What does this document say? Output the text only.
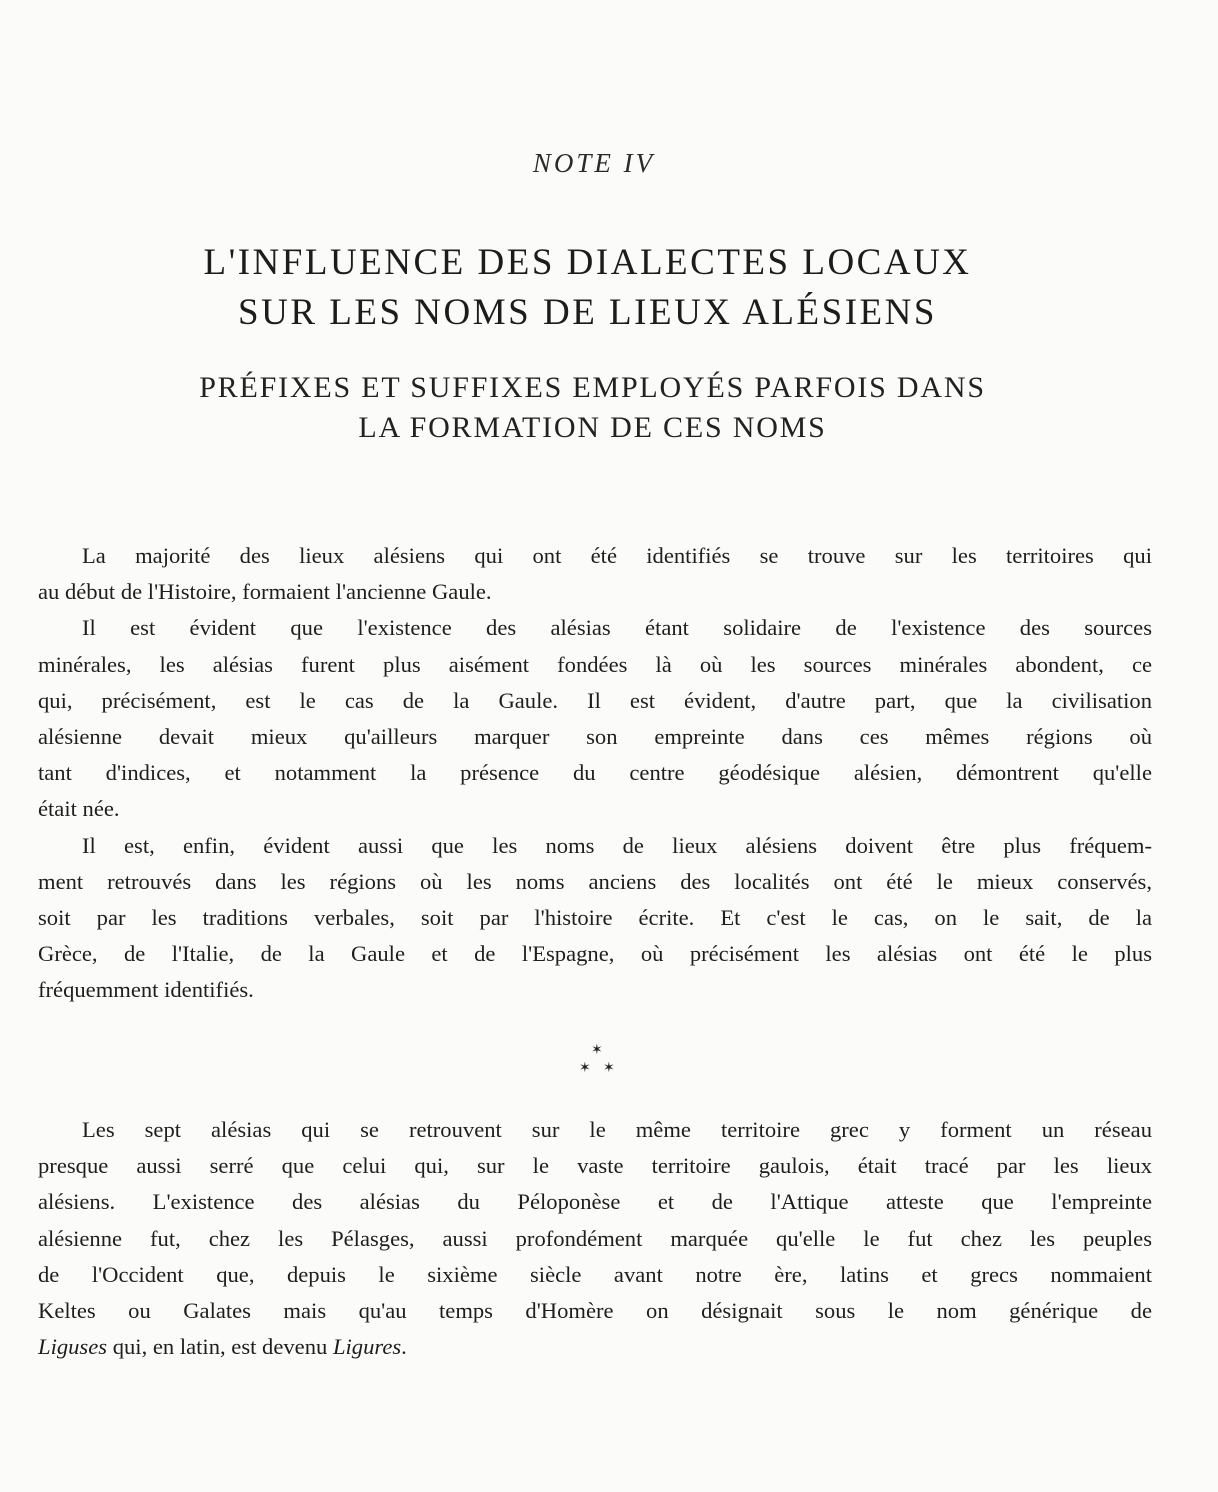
NOTE IV
L'INFLUENCE DES DIALECTES LOCAUX
SUR LES NOMS DE LIEUX ALÉSIENS
PRÉFIXES ET SUFFIXES EMPLOYÉS PARFOIS DANS
LA FORMATION DE CES NOMS
La majorité des lieux alésiens qui ont été identifiés se trouve sur les territoires qui
au début de l'Histoire, formaient l'ancienne Gaule.
Il est évident que l'existence des alésias étant solidaire de l'existence des sources
minérales, les alésias furent plus aisément fondées là où les sources minérales abondent, ce
qui, précisément, est le cas de la Gaule. Il est évident, d'autre part, que la civilisation
alésienne devait mieux qu'ailleurs marquer son empreinte dans ces mêmes régions où
tant d'indices, et notamment la présence du centre géodésique alésien, démontrent qu'elle
était née.
Il est, enfin, évident aussi que les noms de lieux alésiens doivent être plus fréquem-
ment retrouvés dans les régions où les noms anciens des localités ont été le mieux conservés,
soit par les traditions verbales, soit par l'histoire écrite. Et c'est le cas, on le sait, de la
Grèce, de l'Italie, de la Gaule et de l'Espagne, où précisément les alésias ont été le plus
fréquemment identifiés.
✶
✶ ✶
Les sept alésias qui se retrouvent sur le même territoire grec y forment un réseau
presque aussi serré que celui qui, sur le vaste territoire gaulois, était tracé par les lieux
alésiens. L'existence des alésias du Péloponèse et de l'Attique atteste que l'empreinte
alésienne fut, chez les Pélasges, aussi profondément marquée qu'elle le fut chez les peuples
de l'Occident que, depuis le sixième siècle avant notre ère, latins et grecs nommaient
Keltes ou Galates mais qu'au temps d'Homère on désignait sous le nom générique de
Liguses qui, en latin, est devenu Ligures.
